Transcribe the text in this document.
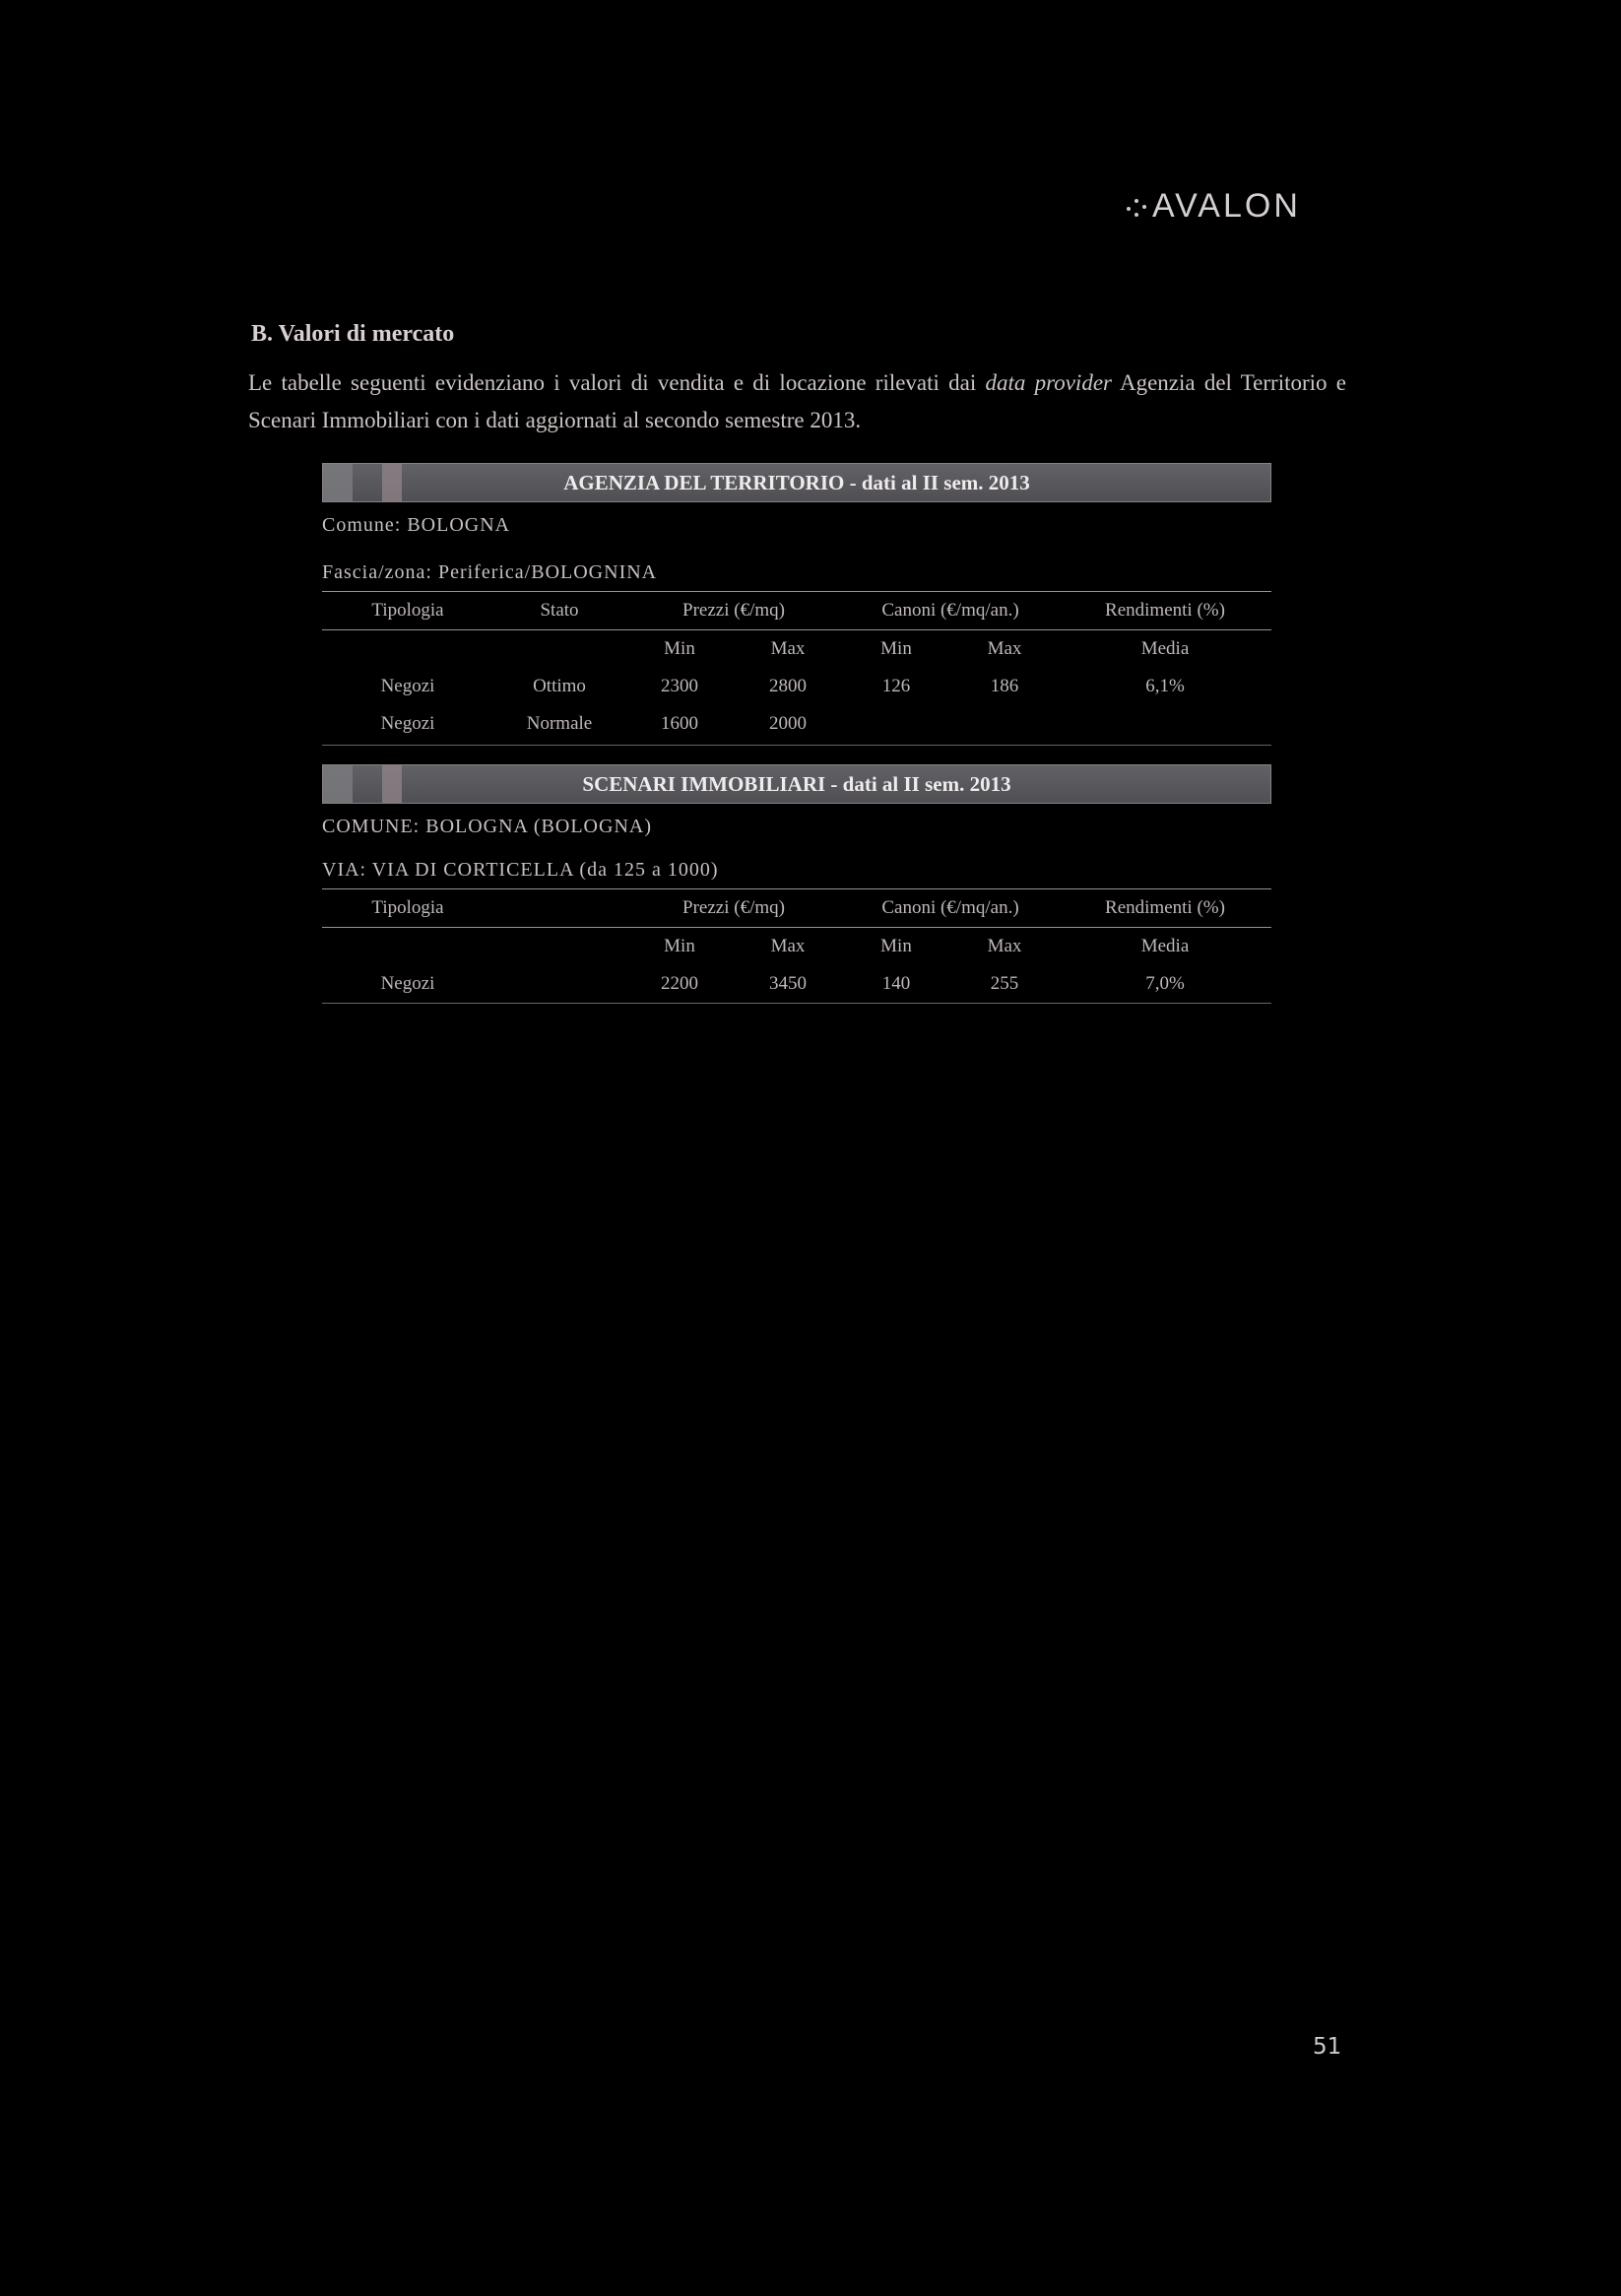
AVALON
B. Valori di mercato
Le tabelle seguenti evidenziano i valori di vendita e di locazione rilevati dai data provider Agenzia del Territorio e Scenari Immobiliari con i dati aggiornati al secondo semestre 2013.
AGENZIA DEL TERRITORIO - dati al II sem. 2013
Comune: BOLOGNA
Fascia/zona: Periferica/BOLOGNINA
Tipologia	Stato	Prezzi (€/mq)	Canoni (€/mq/an.)	Rendimenti (%)
Min	Max	Min	Max	Media
Negozi	Ottimo	2300	2800	126	186	6,1%
Negozi	Normale	1600	2000
SCENARI IMMOBILIARI - dati al II sem. 2013
COMUNE: BOLOGNA (BOLOGNA)
VIA: VIA DI CORTICELLA (da 125 a 1000)
Tipologia	Prezzi (€/mq)	Canoni (€/mq/an.)	Rendimenti (%)
Min	Max	Min	Max	Media
Negozi	2200	3450	140	255	7,0%
51
